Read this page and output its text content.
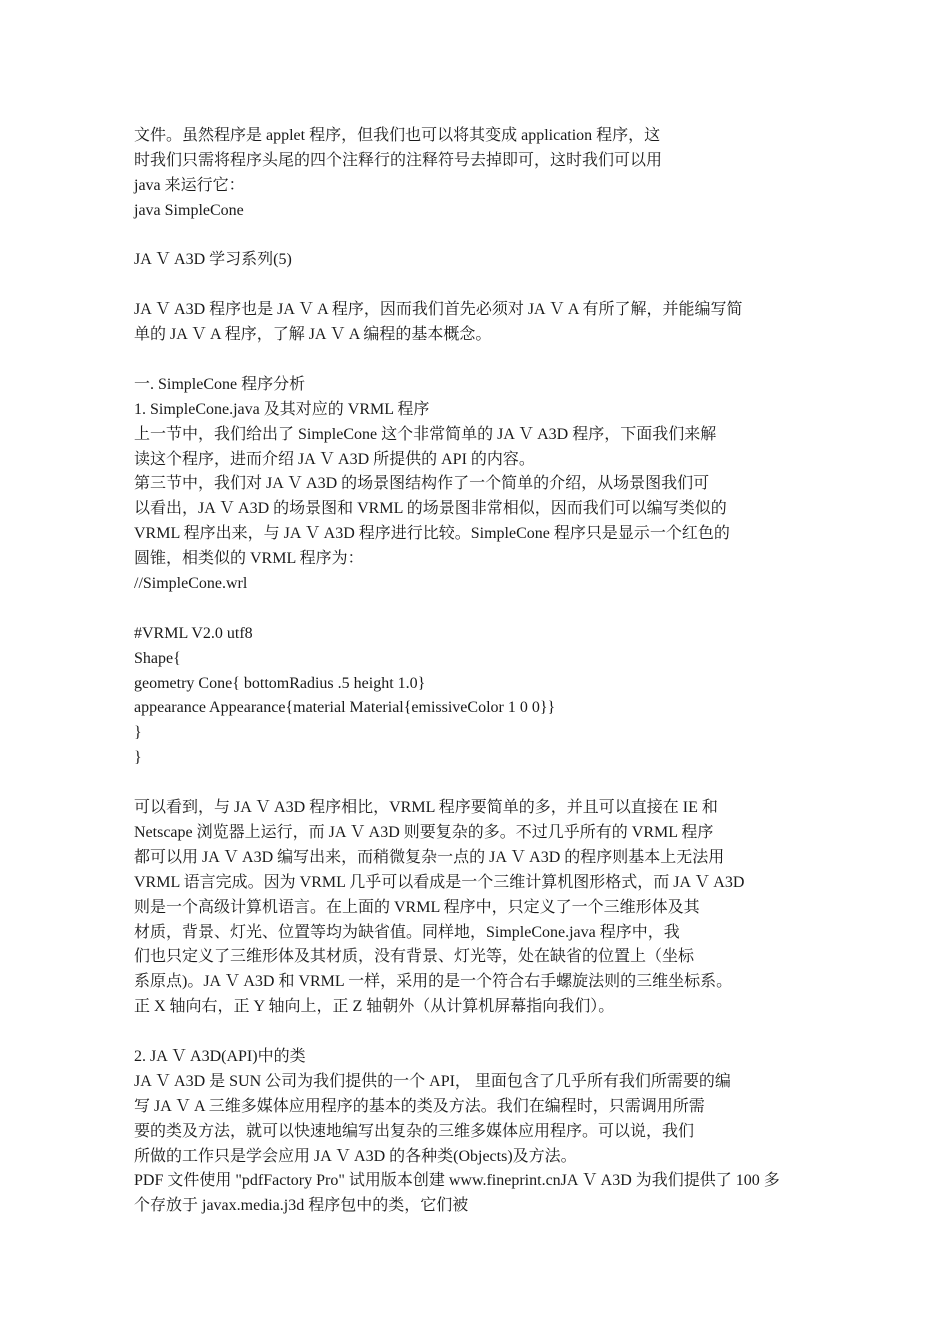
文件。虽然程序是 applet 程序，但我们也可以将其变成 application 程序，这
时我们只需将程序头尾的四个注释行的注释符号去掉即可，这时我们可以用
java 来运行它：
java SimpleCone
JA Ｖ A3D 学习系列(5)
JA Ｖ A3D 程序也是 JA Ｖ A 程序，因而我们首先必须对 JA Ｖ A 有所了解，并能编写简
单的 JA Ｖ A 程序，了解 JA Ｖ A 编程的基本概念。
一. SimpleCone 程序分析
1. SimpleCone.java 及其对应的 VRML 程序
上一节中，我们给出了 SimpleCone 这个非常简单的 JA Ｖ A3D 程序，下面我们来解
读这个程序，进而介绍 JA Ｖ A3D 所提供的 API 的内容。
第三节中，我们对 JA Ｖ A3D 的场景图结构作了一个简单的介绍，从场景图我们可
以看出，JA Ｖ A3D 的场景图和 VRML 的场景图非常相似，因而我们可以编写类似的
VRML 程序出来，与 JA Ｖ A3D 程序进行比较。SimpleCone 程序只是显示一个红色的
圆锥，相类似的 VRML 程序为：
//SimpleCone.wrl
#VRML V2.0 utf8
Shape{
geometry Cone{ bottomRadius .5 height 1.0}
appearance Appearance{material Material{emissiveColor 1 0 0}}
}
}
可以看到，与 JA Ｖ A3D 程序相比，VRML 程序要简单的多，并且可以直接在 IE 和
Netscape 浏览器上运行，而 JA Ｖ A3D 则要复杂的多。不过几乎所有的 VRML 程序
都可以用 JA Ｖ A3D 编写出来，而稍微复杂一点的 JA Ｖ A3D 的程序则基本上无法用
VRML 语言完成。因为 VRML 几乎可以看成是一个三维计算机图形格式，而 JA Ｖ A3D
则是一个高级计算机语言。在上面的 VRML 程序中，只定义了一个三维形体及其
材质，背景、灯光、位置等均为缺省值。同样地，SimpleCone.java 程序中，我
们也只定义了三维形体及其材质，没有背景、灯光等，处在缺省的位置上（坐标
系原点)。JA Ｖ A3D 和 VRML 一样，采用的是一个符合右手螺旋法则的三维坐标系。
正 X 轴向右，正 Y 轴向上，正 Z 轴朝外（从计算机屏幕指向我们）。
2. JA Ｖ A3D(API)中的类
JA Ｖ A3D 是 SUN 公司为我们提供的一个 API， 里面包含了几乎所有我们所需要的编
写 JA Ｖ A 三维多媒体应用程序的基本的类及方法。我们在编程时，只需调用所需
要的类及方法，就可以快速地编写出复杂的三维多媒体应用程序。可以说，我们
所做的工作只是学会应用 JA Ｖ A3D 的各种类(Objects)及方法。
PDF 文件使用 "pdfFactory Pro" 试用版本创建 www.fineprint.cnJA Ｖ A3D 为我们提供了 100 多
个存放于 javax.media.j3d 程序包中的类，它们被
